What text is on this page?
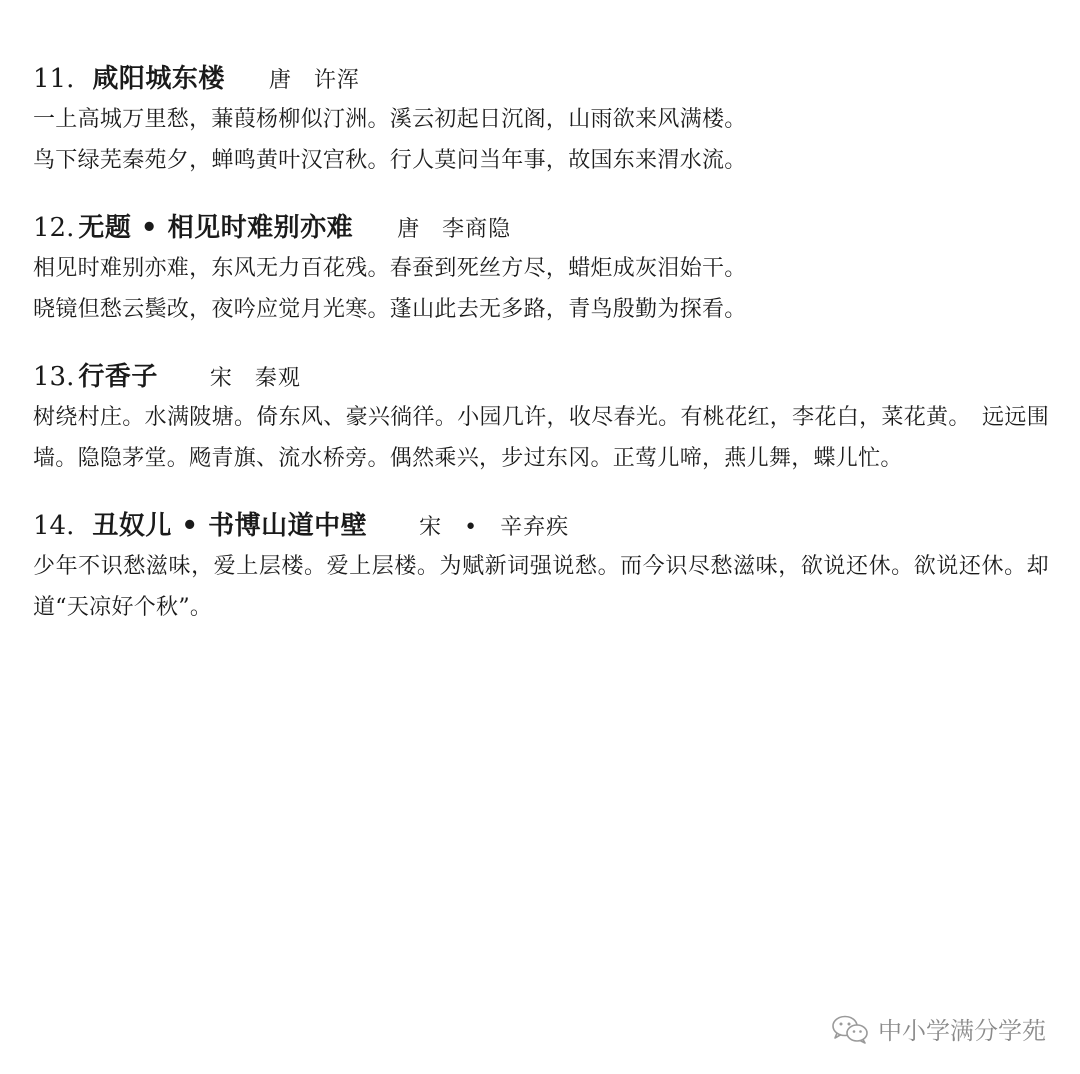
11. 咸阳城东楼 唐 许浑

一上高城万里愁，蒹葭杨柳似汀洲。溪云初起日沉阁，山雨欲来风满楼。

鸟下绿芜秦苑夕，蝉鸣黄叶汉宫秋。行人莫问当年事，故国东来渭水流。

12. 无题 • 相见时难别亦难 唐 李商隐

相见时难别亦难，东风无力百花残。春蚕到死丝方尽，蜡炬成灰泪始干。

晓镜但愁云鬓改，夜吟应觉月光寒。蓬山此去无多路，青鸟殷勤为探看。

13. 行香子 宋 秦观

树绕村庄。水满陂塘。倚东风、豪兴徜徉。小园几许，收尽春光。有桃花红，李花白，菜花黄。　远远围墙。隐隐茅堂。飏青旗、流水桥旁。偶然乘兴，步过东冈。正莺儿啼，燕儿舞，蝶儿忙。

14. 丑奴儿 • 书博山道中壁 宋 • 辛弃疾

少年不识愁滋味，爱上层楼。爱上层楼。为赋新词强说愁。而今识尽愁滋味，欲说还休。欲说还休。却道“天凉好个秋”。

中小学满分学苑
